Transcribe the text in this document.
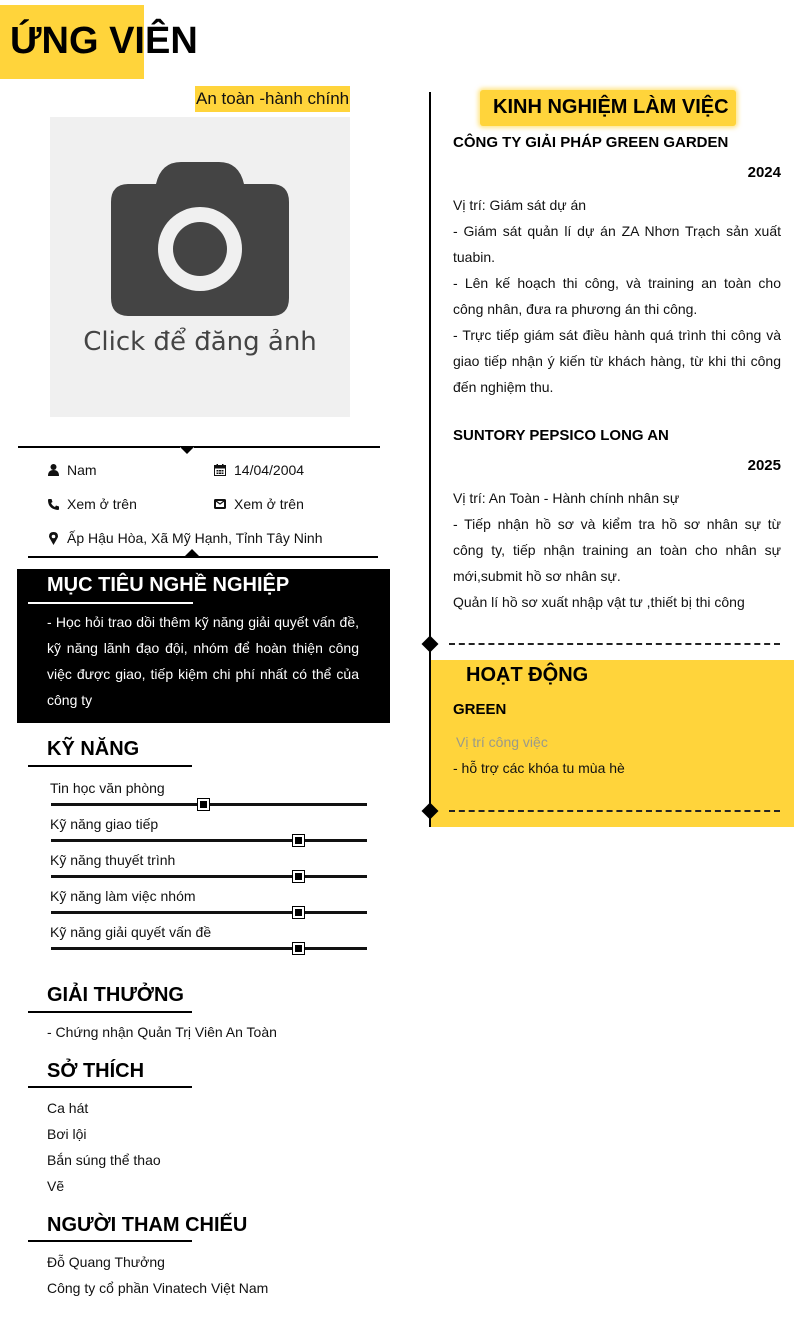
ỨNG VIÊN
An toàn -hành chính
Click để đăng ảnh
Nam	14/04/2004
Xem ở trên	Xem ở trên
Ấp Hậu Hòa, Xã Mỹ Hạnh, Tỉnh Tây Ninh
MỤC TIÊU NGHỀ NGHIỆP

- Học hỏi trao dồi thêm kỹ năng giải quyết vấn đề, kỹ năng lãnh đạo đội, nhóm để hoàn thiện công việc được giao, tiếp kiệm chi phí nhất có thể của công ty

KỸ NĂNG
Tin học văn phòng
Kỹ năng giao tiếp
Kỹ năng thuyết trình
Kỹ năng làm việc nhóm
Kỹ năng giải quyết vấn đề
GIẢI THƯỞNG
- Chứng nhận Quản Trị Viên An Toàn
SỞ THÍCH
Ca hát
Bơi lội
Bắn súng thể thao
Vẽ
NGƯỜI THAM CHIẾU
Đỗ Quang Thưởng
Công ty cổ phần Vinatech Việt Nam
KINH NGHIỆM LÀM VIỆC
CÔNG TY GIẢI PHÁP GREEN GARDEN
2024
Vị trí: Giám sát dự án
- Giám sát quản lí dự án ZA Nhơn Trạch sản xuất tuabin.
- Lên kế hoạch thi công, và training an toàn cho công nhân, đưa ra phương án thi công.
- Trực tiếp giám sát điều hành quá trình thi công và giao tiếp nhận ý kiến từ khách hàng, từ khi thi công đến nghiệm thu.
SUNTORY PEPSICO LONG AN
2025
Vị trí: An Toàn - Hành chính nhân sự
- Tiếp nhận hồ sơ và kiểm tra hồ sơ nhân sự từ công ty, tiếp nhận training an toàn cho nhân sự mới,submit hồ sơ nhân sự.
Quản lí hồ sơ xuất nhập vật tư ,thiết bị thi công
HOẠT ĐỘNG
GREEN
Vị trí công việc
- hỗ trợ các khóa tu mùa hè
